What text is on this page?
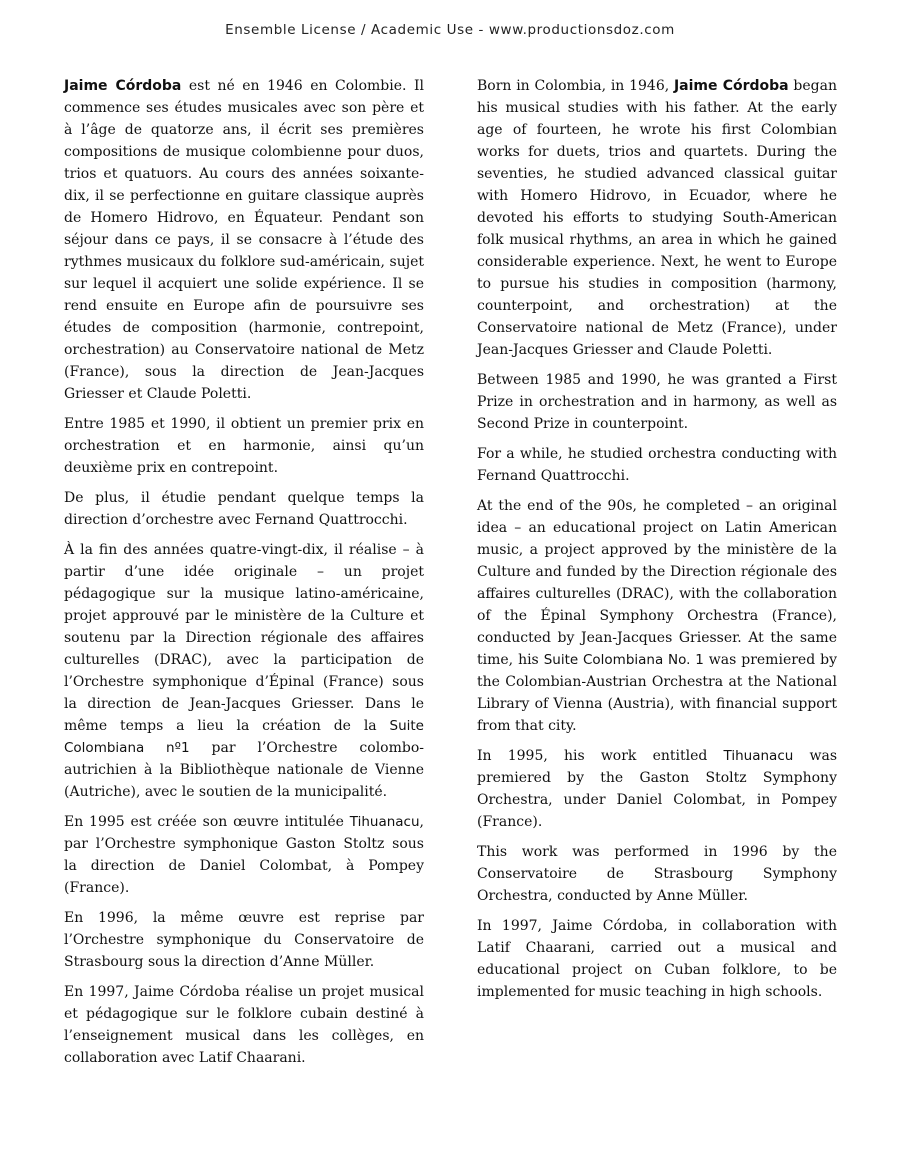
Ensemble License / Academic Use - www.productionsdoz.com

Jaime Córdoba est né en 1946 en Colombie. Il commence ses études musicales avec son père et à l’âge de quatorze ans, il écrit ses premières compositions de musique colombienne pour duos, trios et quatuors. Au cours des années soixante-dix, il se perfectionne en guitare classique auprès de Homero Hidrovo, en Équateur. Pendant son séjour dans ce pays, il se consacre à l’étude des rythmes musicaux du folklore sud-américain, sujet sur lequel il acquiert une solide expérience. Il se rend ensuite en Europe afin de poursuivre ses études de composition (harmonie, contrepoint, orchestration) au Conservatoire national de Metz (France), sous la direction de Jean-Jacques Griesser et Claude Poletti.

Entre 1985 et 1990, il obtient un premier prix en orchestration et en harmonie, ainsi qu’un deuxième prix en contrepoint.

De plus, il étudie pendant quelque temps la direction d’orchestre avec Fernand Quattrocchi.

À la fin des années quatre-vingt-dix, il réalise – à partir d’une idée originale – un projet pédagogique sur la musique latino-américaine, projet approuvé par le ministère de la Culture et soutenu par la Direction régionale des affaires culturelles (DRAC), avec la participation de l’Orchestre symphonique d’Épinal (France) sous la direction de Jean-Jacques Griesser. Dans le même temps a lieu la création de la Suite Colombiana nº1 par l’Orchestre colombo-autrichien à la Bibliothèque nationale de Vienne (Autriche), avec le soutien de la municipalité.

En 1995 est créée son œuvre intitulée Tihuanacu, par l’Orchestre symphonique Gaston Stoltz sous la direction de Daniel Colombat, à Pompey (France).

En 1996, la même œuvre est reprise par l’Orchestre symphonique du Conservatoire de Strasbourg sous la direction d’Anne Müller.

En 1997, Jaime Córdoba réalise un projet musical et pédagogique sur le folklore cubain destiné à l’enseignement musical dans les collèges, en collaboration avec Latif Chaarani.

Born in Colombia, in 1946, Jaime Córdoba began his musical studies with his father. At the early age of fourteen, he wrote his first Colombian works for duets, trios and quartets. During the seventies, he studied advanced classical guitar with Homero Hidrovo, in Ecuador, where he devoted his efforts to studying South-American folk musical rhythms, an area in which he gained considerable experience. Next, he went to Europe to pursue his studies in composition (harmony, counterpoint, and orchestration) at the Conservatoire national de Metz (France), under Jean-Jacques Griesser and Claude Poletti.

Between 1985 and 1990, he was granted a First Prize in orchestration and in harmony, as well as Second Prize in counterpoint.

For a while, he studied orchestra conducting with Fernand Quattrocchi.

At the end of the 90s, he completed – an original idea – an educational project on Latin American music, a project approved by the ministère de la Culture and funded by the Direction régionale des affaires culturelles (DRAC), with the collaboration of the Épinal Symphony Orchestra (France), conducted by Jean-Jacques Griesser. At the same time, his Suite Colombiana No. 1 was premiered by the Colombian-Austrian Orchestra at the National Library of Vienna (Austria), with financial support from that city.

In 1995, his work entitled Tihuanacu was premiered by the Gaston Stoltz Symphony Orchestra, under Daniel Colombat, in Pompey (France).

This work was performed in 1996 by the Conservatoire de Strasbourg Symphony Orchestra, conducted by Anne Müller.

In 1997, Jaime Córdoba, in collaboration with Latif Chaarani, carried out a musical and educational project on Cuban folklore, to be implemented for music teaching in high schools.
